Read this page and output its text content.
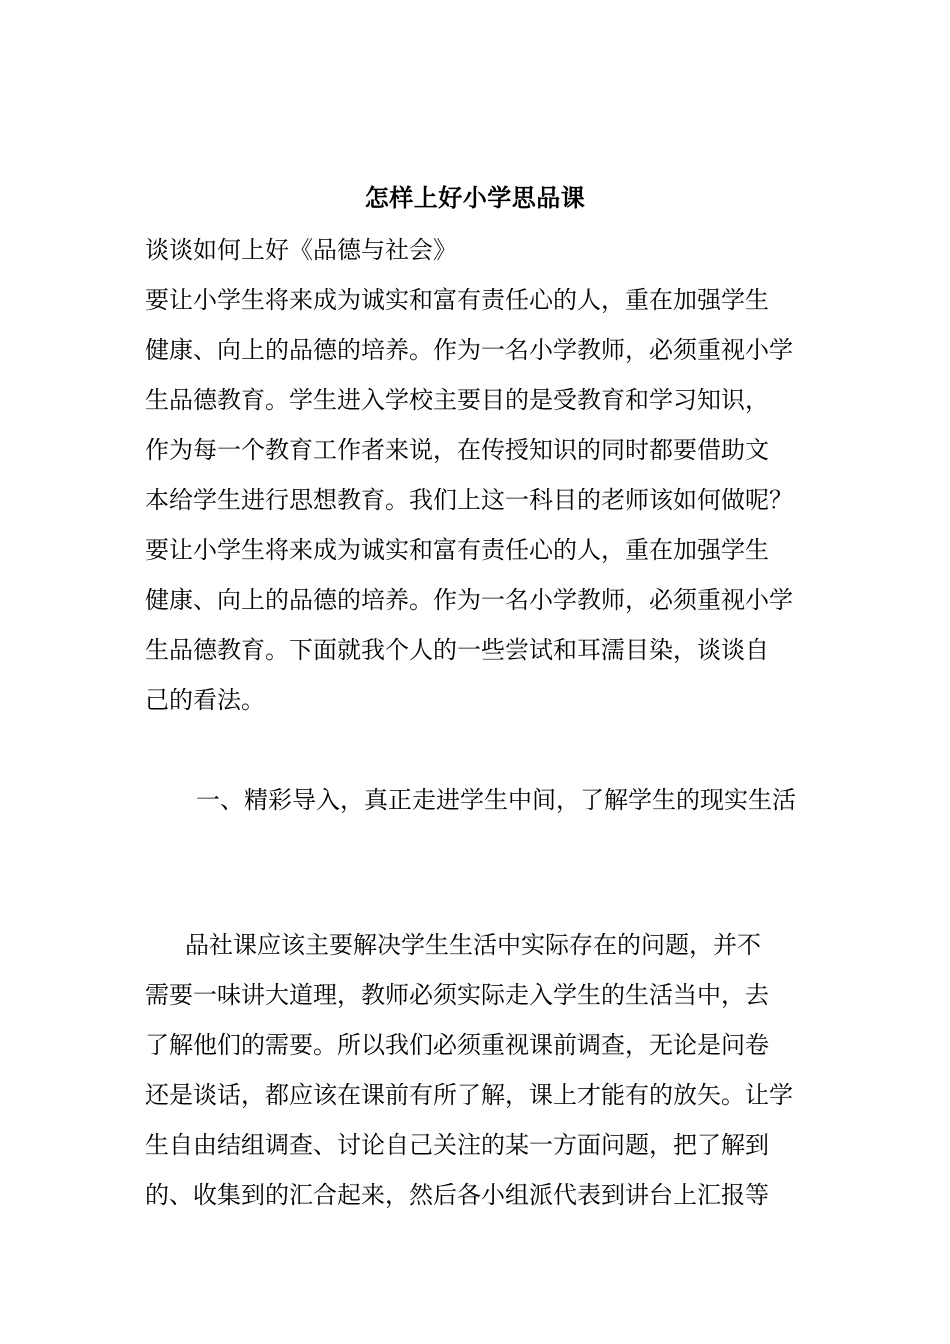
怎样上好小学思品课
谈谈如何上好《品德与社会》
要让小学生将来成为诚实和富有责任心的人，重在加强学生
健康、向上的品德的培养。作为一名小学教师，必须重视小学
生品德教育。学生进入学校主要目的是受教育和学习知识，
作为每一个教育工作者来说，在传授知识的同时都要借助文
本给学生进行思想教育。我们上这一科目的老师该如何做呢？
要让小学生将来成为诚实和富有责任心的人，重在加强学生
健康、向上的品德的培养。作为一名小学教师，必须重视小学
生品德教育。下面就我个人的一些尝试和耳濡目染，谈谈自
己的看法。
一、精彩导入，真正走进学生中间，了解学生的现实生活
品社课应该主要解决学生生活中实际存在的问题，并不
需要一味讲大道理，教师必须实际走入学生的生活当中，去
了解他们的需要。所以我们必须重视课前调查，无论是问卷
还是谈话，都应该在课前有所了解，课上才能有的放矢。让学
生自由结组调查、讨论自己关注的某一方面问题，把了解到
的、收集到的汇合起来，然后各小组派代表到讲台上汇报等
